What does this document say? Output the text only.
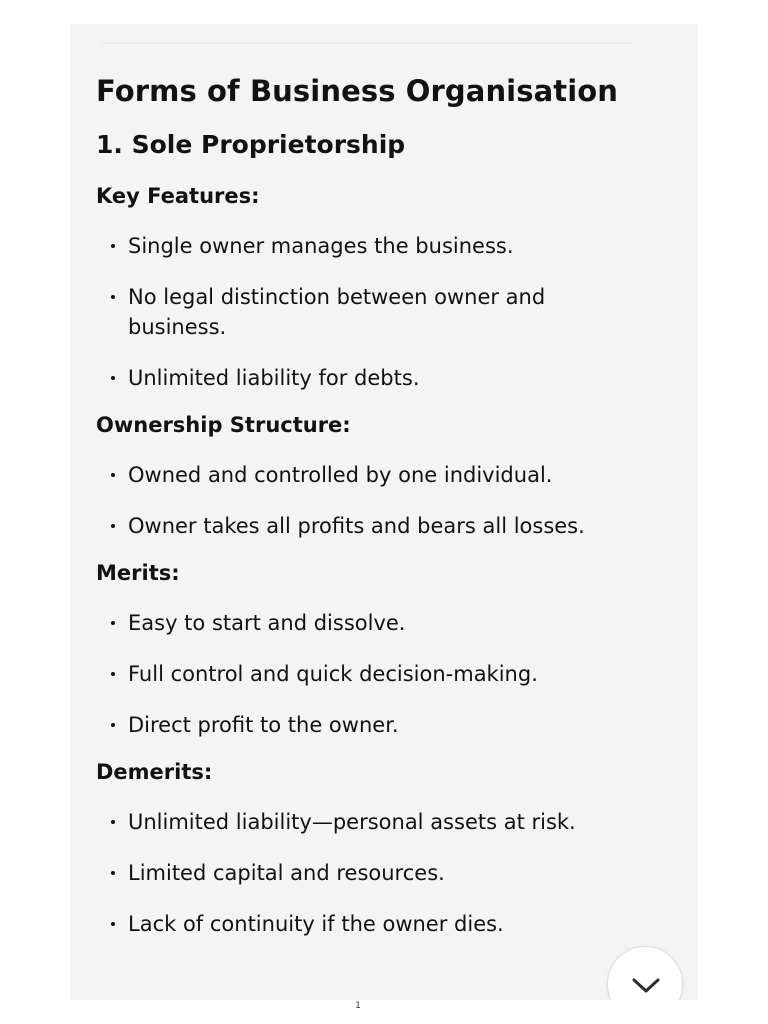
Forms of Business Organisation
1. Sole Proprietorship
Key Features:
Single owner manages the business.
No legal distinction between owner and business.
Unlimited liability for debts.
Ownership Structure:
Owned and controlled by one individual.
Owner takes all profits and bears all losses.
Merits:
Easy to start and dissolve.
Full control and quick decision-making.
Direct profit to the owner.
Demerits:
Unlimited liability—personal assets at risk.
Limited capital and resources.
Lack of continuity if the owner dies.
1
